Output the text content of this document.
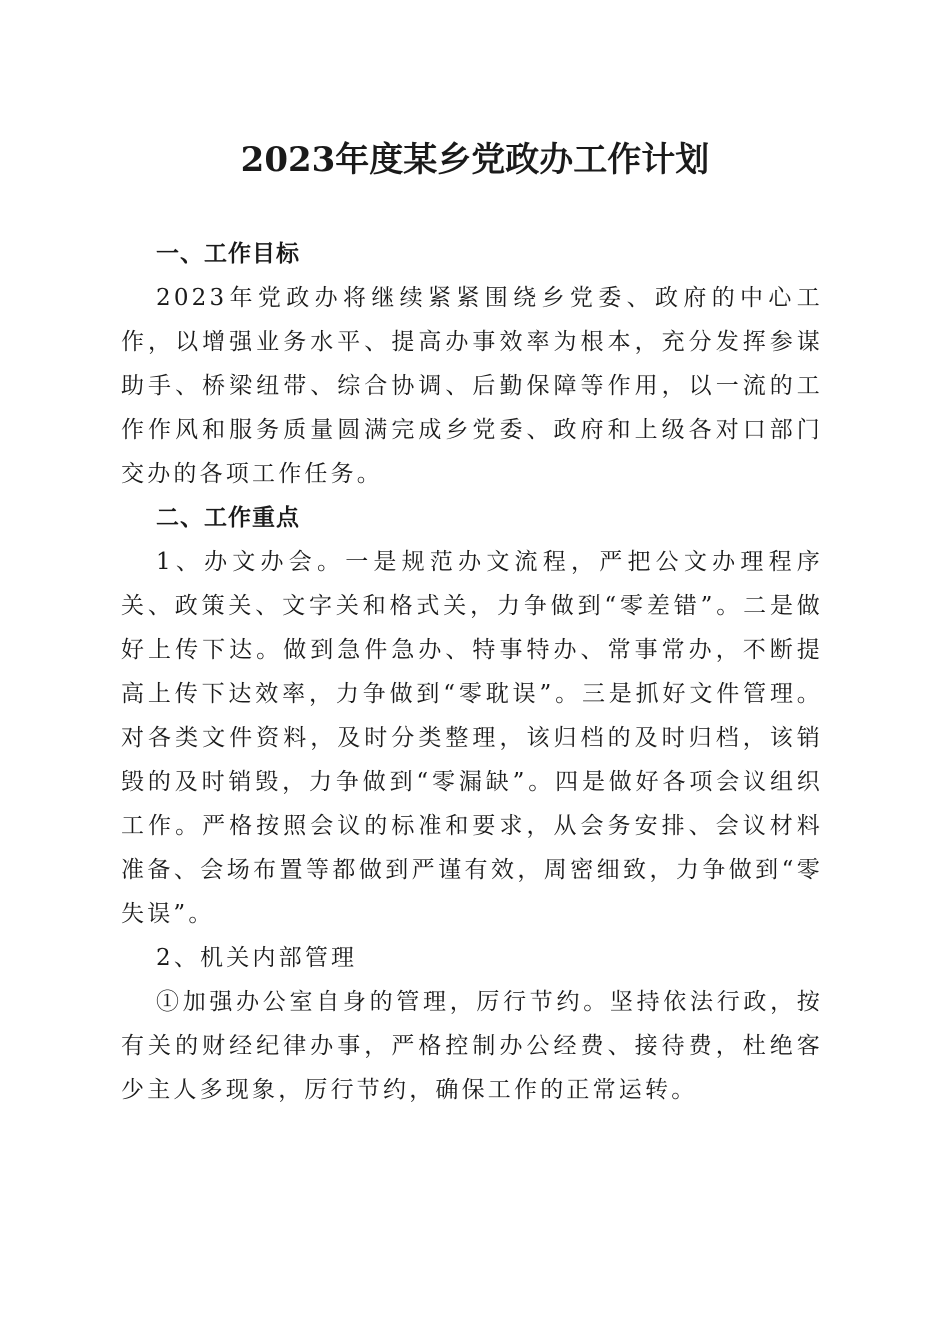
2023年度某乡党政办工作计划
一、工作目标

2023年党政办将继续紧紧围绕乡党委、政府的中心工作，以增强业务水平、提高办事效率为根本，充分发挥参谋助手、桥梁纽带、综合协调、后勤保障等作用，以一流的工作作风和服务质量圆满完成乡党委、政府和上级各对口部门交办的各项工作任务。

二、工作重点

1、办文办会。一是规范办文流程，严把公文办理程序关、政策关、文字关和格式关，力争做到“零差错”。二是做好上传下达。做到急件急办、特事特办、常事常办，不断提高上传下达效率，力争做到“零耽误”。三是抓好文件管理。对各类文件资料，及时分类整理，该归档的及时归档，该销毁的及时销毁，力争做到“零漏缺”。四是做好各项会议组织工作。严格按照会议的标准和要求，从会务安排、会议材料准备、会场布置等都做到严谨有效，周密细致，力争做到“零失误”。

2、机关内部管理

①加强办公室自身的管理，厉行节约。坚持依法行政，按有关的财经纪律办事，严格控制办公经费、接待费，杜绝客少主人多现象，厉行节约，确保工作的正常运转。
